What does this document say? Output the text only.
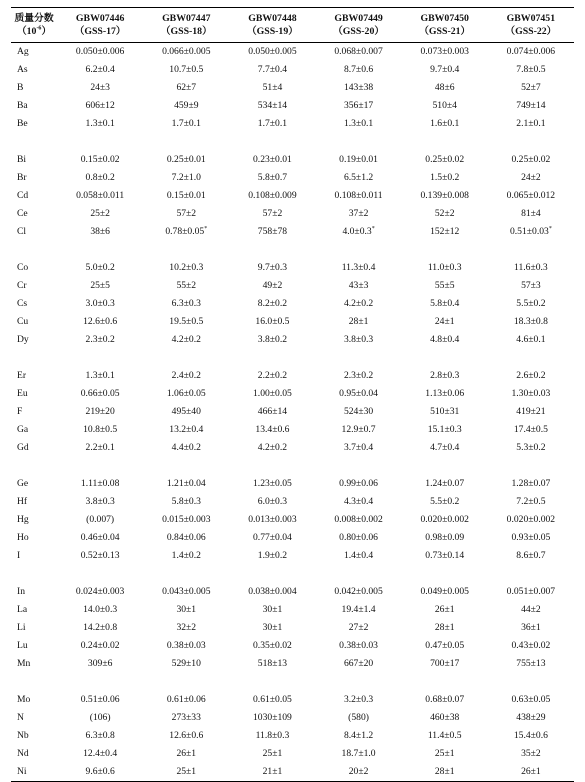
质量分数	GBW07446	GBW07447	GBW07448	GBW07449	GBW07450	GBW07451
$(10^{-6})$	（GSS-17）	（GSS-18）	（GSS-19）	（GSS-20）	（GSS-21）	（GSS-22）
Ag	0.050±0.006	0.066±0.005	0.050±0.005	0.068±0.007	0.073±0.003	0.074±0.006
As	6.2±0.4	10.7±0.5	7.7±0.4	8.7±0.6	9.7±0.4	7.8±0.5
B	24±3	62±7	51±4	143±38	48±6	52±7
Ba	606±12	459±9	534±14	356±17	510±4	749±14
Be	1.3±0.1	1.7±0.1	1.7±0.1	1.3±0.1	1.6±0.1	2.1±0.1

Bi	0.15±0.02	0.25±0.01	0.23±0.01	0.19±0.01	0.25±0.02	0.25±0.02
Br	0.8±0.2	7.2±1.0	5.8±0.7	6.5±1.2	1.5±0.2	24±2
Cd	0.058±0.011	0.15±0.01	0.108±0.009	0.108±0.011	0.139±0.008	0.065±0.012
Ce	25±2	57±2	57±2	37±2	52±2	81±4
Cl	38±6	0.78±0.05*	758±78	4.0±0.3*	152±12	0.51±0.03*

Co	5.0±0.2	10.2±0.3	9.7±0.3	11.3±0.4	11.0±0.3	11.6±0.3
Cr	25±5	55±2	49±2	43±3	55±5	57±3
Cs	3.0±0.3	6.3±0.3	8.2±0.2	4.2±0.2	5.8±0.4	5.5±0.2
Cu	12.6±0.6	19.5±0.5	16.0±0.5	28±1	24±1	18.3±0.8
Dy	2.3±0.2	4.2±0.2	3.8±0.2	3.8±0.3	4.8±0.4	4.6±0.1

Er	1.3±0.1	2.4±0.2	2.2±0.2	2.3±0.2	2.8±0.3	2.6±0.2
Eu	0.66±0.05	1.06±0.05	1.00±0.05	0.95±0.04	1.13±0.06	1.30±0.03
F	219±20	495±40	466±14	524±30	510±31	419±21
Ga	10.8±0.5	13.2±0.4	13.4±0.6	12.9±0.7	15.1±0.3	17.4±0.5
Gd	2.2±0.1	4.4±0.2	4.2±0.2	3.7±0.4	4.7±0.4	5.3±0.2

Ge	1.11±0.08	1.21±0.04	1.23±0.05	0.99±0.06	1.24±0.07	1.28±0.07
Hf	3.8±0.3	5.8±0.3	6.0±0.3	4.3±0.4	5.5±0.2	7.2±0.5
Hg	(0.007)	0.015±0.003	0.013±0.003	0.008±0.002	0.020±0.002	0.020±0.002
Ho	0.46±0.04	0.84±0.06	0.77±0.04	0.80±0.06	0.98±0.09	0.93±0.05
I	0.52±0.13	1.4±0.2	1.9±0.2	1.4±0.4	0.73±0.14	8.6±0.7

In	0.024±0.003	0.043±0.005	0.038±0.004	0.042±0.005	0.049±0.005	0.051±0.007
La	14.0±0.3	30±1	30±1	19.4±1.4	26±1	44±2
Li	14.2±0.8	32±2	30±1	27±2	28±1	36±1
Lu	0.24±0.02	0.38±0.03	0.35±0.02	0.38±0.03	0.47±0.05	0.43±0.02
Mn	309±6	529±10	518±13	667±20	700±17	755±13

Mo	0.51±0.06	0.61±0.06	0.61±0.05	3.2±0.3	0.68±0.07	0.63±0.05
N	(106)	273±33	1030±109	(580)	460±38	438±29
Nb	6.3±0.8	12.6±0.6	11.8±0.3	8.4±1.2	11.4±0.5	15.4±0.6
Nd	12.4±0.4	26±1	25±1	18.7±1.0	25±1	35±2
Ni	9.6±0.6	25±1	21±1	20±2	28±1	26±1
